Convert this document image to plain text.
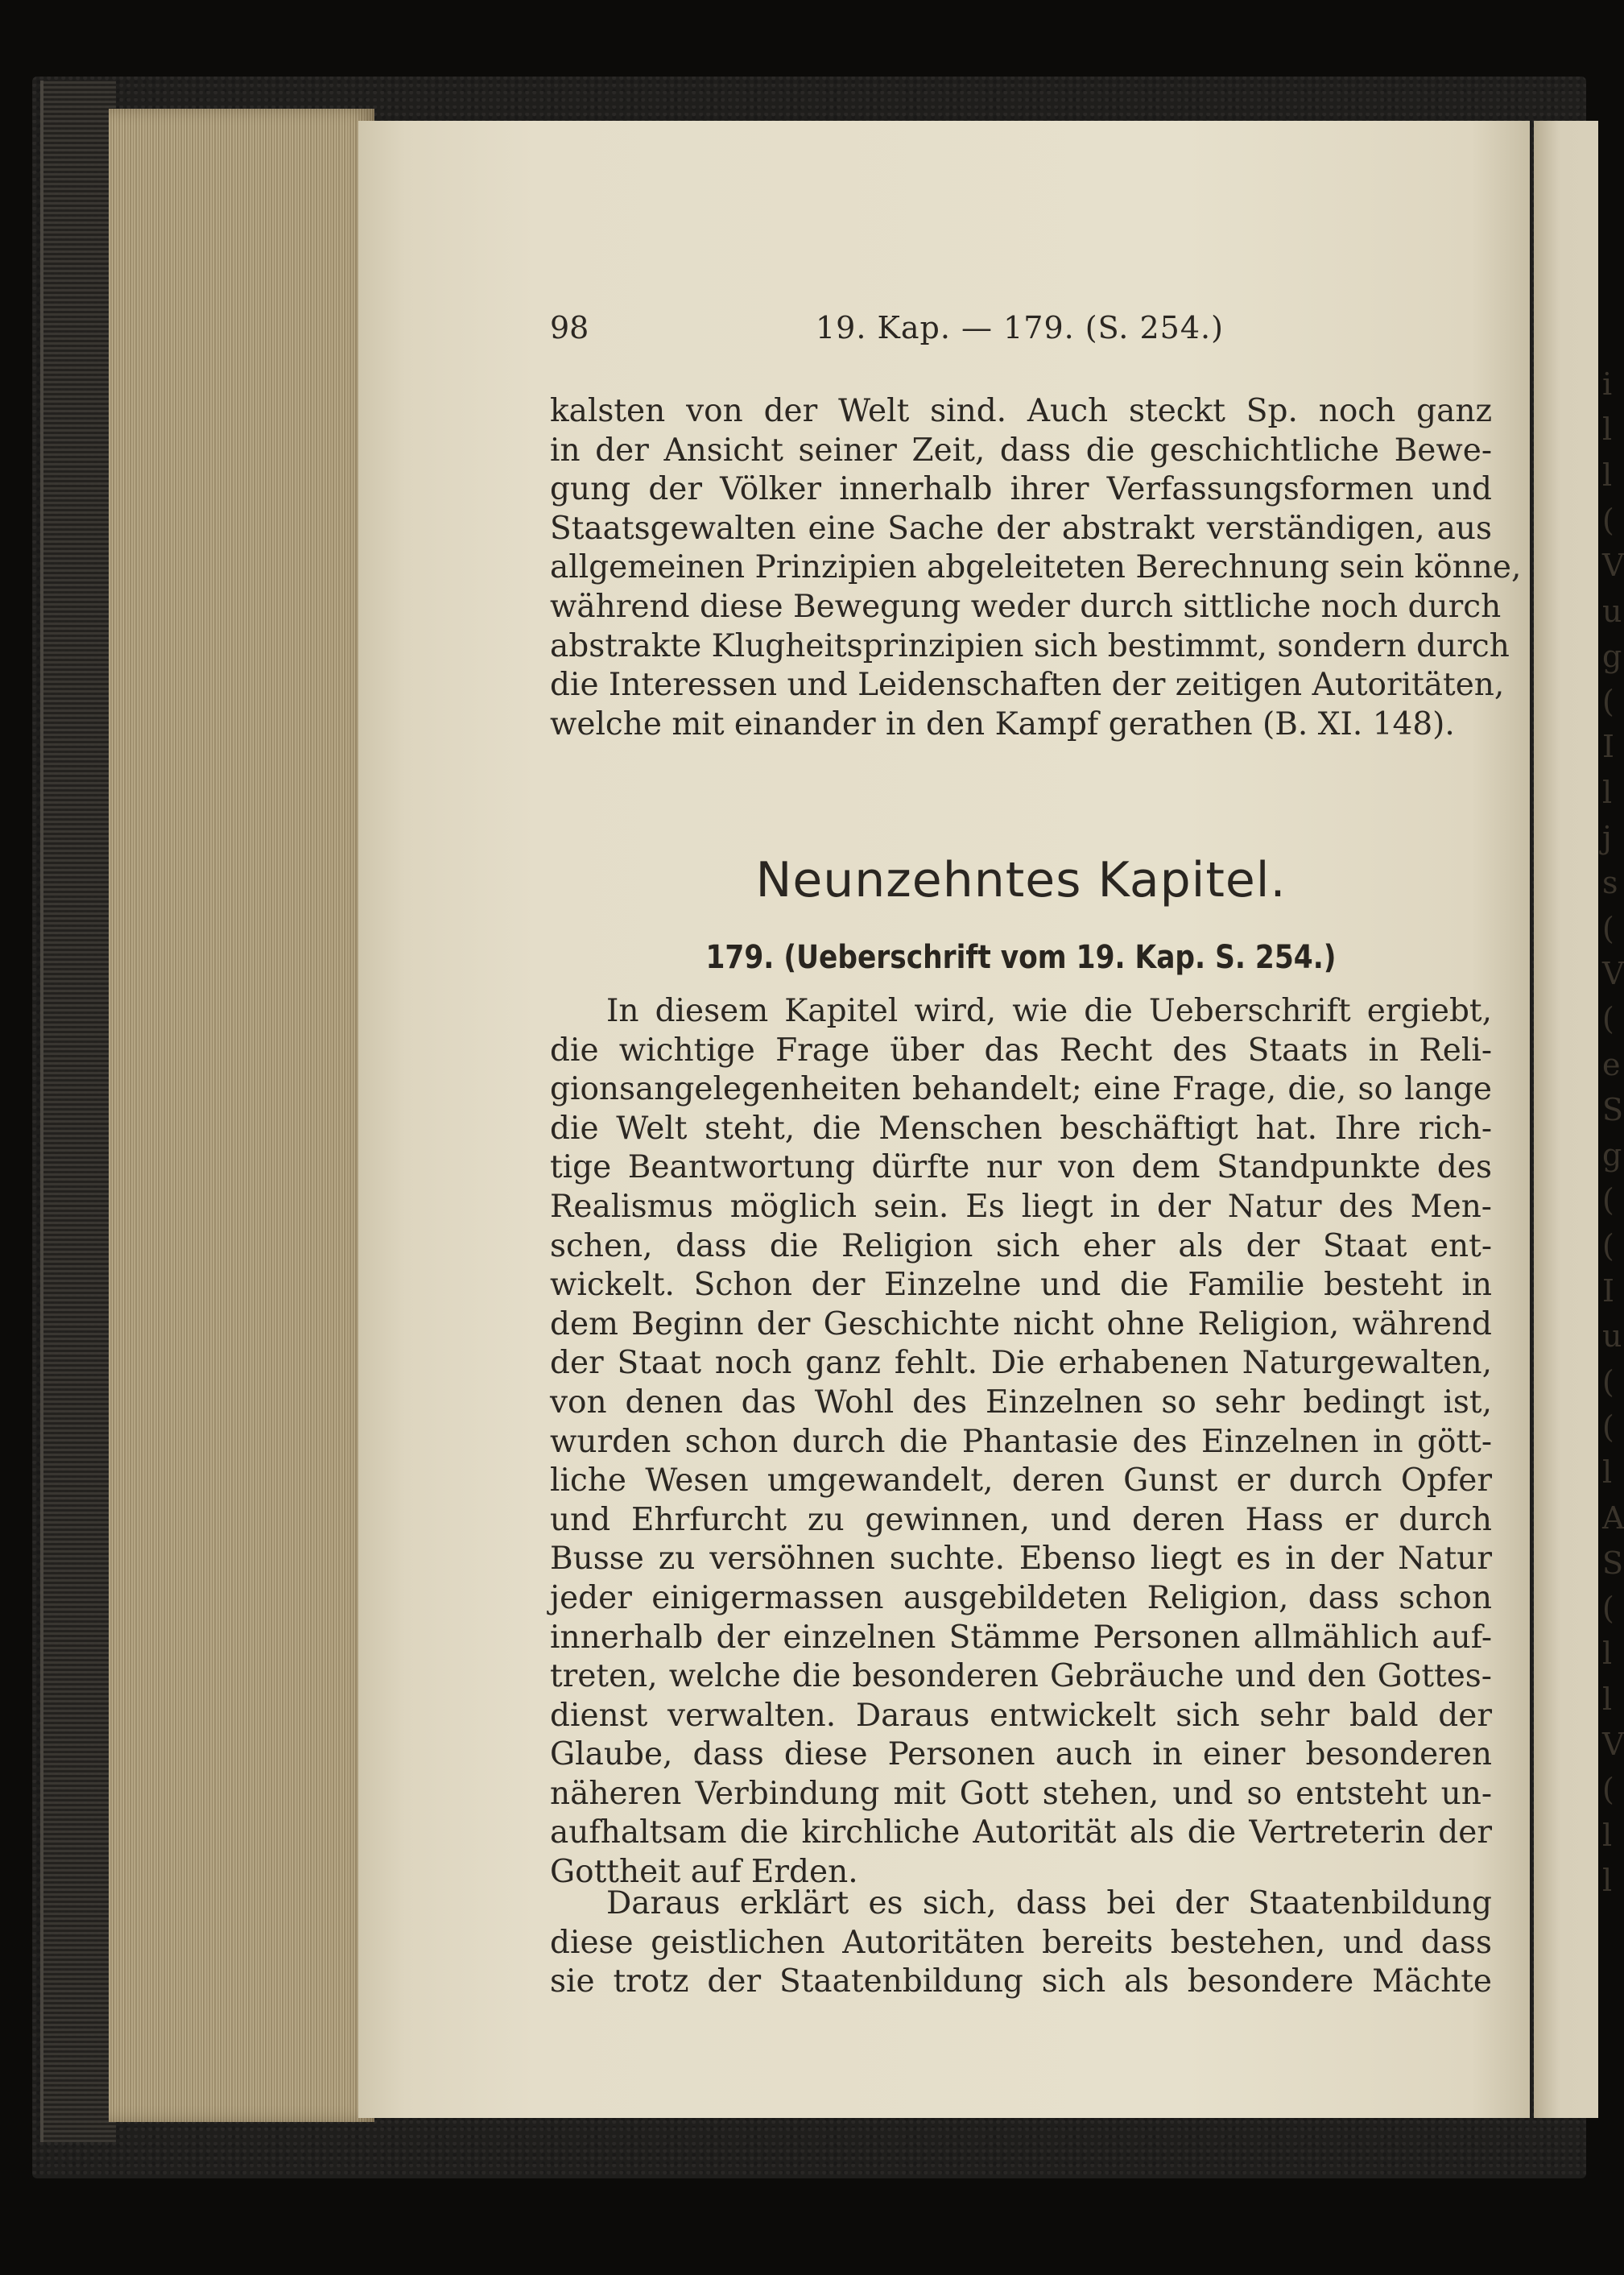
98	19. Kap. — 179. (S. 254.)
kalsten von der Welt sind. Auch steckt Sp. noch ganz
in der Ansicht seiner Zeit, dass die geschichtliche Bewe-
gung der Völker innerhalb ihrer Verfassungsformen und
Staatsgewalten eine Sache der abstrakt verständigen, aus
allgemeinen Prinzipien abgeleiteten Berechnung sein könne,
während diese Bewegung weder durch sittliche noch durch
abstrakte Klugheitsprinzipien sich bestimmt, sondern durch
die Interessen und Leidenschaften der zeitigen Autoritäten,
welche mit einander in den Kampf gerathen (B. XI. 148).
Neunzehntes Kapitel.
179. (Ueberschrift vom 19. Kap. S. 254.)
In diesem Kapitel wird, wie die Ueberschrift ergiebt,
die wichtige Frage über das Recht des Staats in Reli-
gionsangelegenheiten behandelt; eine Frage, die, so lange
die Welt steht, die Menschen beschäftigt hat. Ihre rich-
tige Beantwortung dürfte nur von dem Standpunkte des
Realismus möglich sein. Es liegt in der Natur des Men-
schen, dass die Religion sich eher als der Staat ent-
wickelt. Schon der Einzelne und die Familie besteht in
dem Beginn der Geschichte nicht ohne Religion, während
der Staat noch ganz fehlt. Die erhabenen Naturgewalten,
von denen das Wohl des Einzelnen so sehr bedingt ist,
wurden schon durch die Phantasie des Einzelnen in gött-
liche Wesen umgewandelt, deren Gunst er durch Opfer
und Ehrfurcht zu gewinnen, und deren Hass er durch
Busse zu versöhnen suchte. Ebenso liegt es in der Natur
jeder einigermassen ausgebildeten Religion, dass schon
innerhalb der einzelnen Stämme Personen allmählich auf-
treten, welche die besonderen Gebräuche und den Gottes-
dienst verwalten. Daraus entwickelt sich sehr bald der
Glaube, dass diese Personen auch in einer besonderen
näheren Verbindung mit Gott stehen, und so entsteht un-
aufhaltsam die kirchliche Autorität als die Vertreterin der
Gottheit auf Erden.
Daraus erklärt es sich, dass bei der Staatenbildung
diese geistlichen Autoritäten bereits bestehen, und dass
sie trotz der Staatenbildung sich als besondere Mächte
i
l
l
(
V
u
g
(
I
l
j
s
(
V
(
e
S
g
(
(
I
u
(
(
l
A
S
(
l
l
V
(
l
l
